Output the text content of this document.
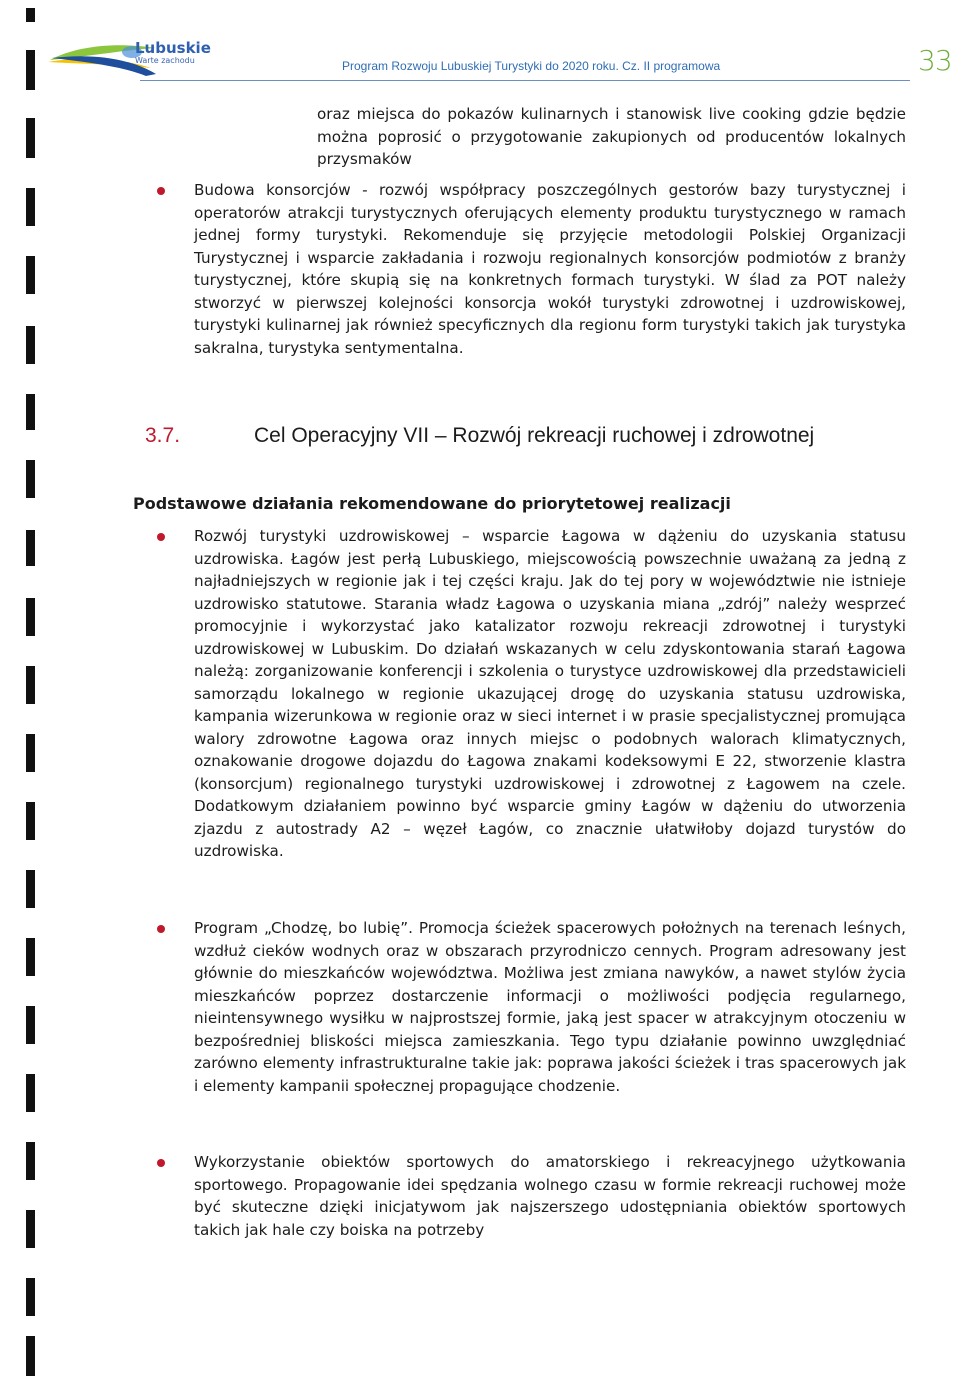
Lubuskie
Warte zachodu	Program Rozwoju Lubuskiej Turystyki do 2020 roku. Cz. II programowa	33

oraz miejsca do pokazów kulinarnych i stanowisk live cooking gdzie będzie można poprosić o przygotowanie zakupionych od producentów lokalnych przysmaków

Budowa konsorcjów - rozwój współpracy poszczególnych gestorów bazy turystycznej i operatorów atrakcji turystycznych oferujących elementy produktu turystycznego w ramach jednej formy turystyki. Rekomenduje się przyjęcie metodologii Polskiej Organizacji Turystycznej i wsparcie zakładania i rozwoju regionalnych konsorcjów podmiotów z branży turystycznej, które skupią się na konkretnych formach turystyki. W ślad za POT należy stworzyć w pierwszej kolejności konsorcja wokół turystyki zdrowotnej i uzdrowiskowej, turystyki kulinarnej jak również specyficznych dla regionu form turystyki takich jak turystyka sakralna, turystyka sentymentalna.

3.7.	Cel Operacyjny VII – Rozwój rekreacji ruchowej i zdrowotnej
Podstawowe działania rekomendowane do priorytetowej realizacji

Rozwój turystyki uzdrowiskowej – wsparcie Łagowa w dążeniu do uzyskania statusu uzdrowiska. Łagów jest perłą Lubuskiego, miejscowością powszechnie uważaną za jedną z najładniejszych w regionie jak i tej części kraju. Jak do tej pory w województwie nie istnieje uzdrowisko statutowe. Starania władz Łagowa o uzyskania miana „zdrój” należy wesprzeć promocyjnie i wykorzystać jako katalizator rozwoju rekreacji zdrowotnej i turystyki uzdrowiskowej w Lubuskim. Do działań wskazanych w celu zdyskontowania starań Łagowa należą: zorganizowanie konferencji i szkolenia o turystyce uzdrowiskowej dla przedstawicieli samorządu lokalnego w regionie ukazującej drogę do uzyskania statusu uzdrowiska, kampania wizerunkowa w regionie oraz w sieci internet i w prasie specjalistycznej promująca walory zdrowotne Łagowa oraz innych miejsc o podobnych walorach klimatycznych, oznakowanie drogowe dojazdu do Łagowa znakami kodeksowymi E 22, stworzenie klastra (konsorcjum) regionalnego turystyki uzdrowiskowej i zdrowotnej z Łagowem na czele. Dodatkowym działaniem powinno być wsparcie gminy Łagów w dążeniu do utworzenia zjazdu z autostrady A2 – węzeł Łagów, co znacznie ułatwiłoby dojazd turystów do uzdrowiska.

Program „Chodzę, bo lubię”. Promocja ścieżek spacerowych położnych na terenach leśnych, wzdłuż cieków wodnych oraz w obszarach przyrodniczo cennych. Program adresowany jest głównie do mieszkańców województwa. Możliwa jest zmiana nawyków, a nawet stylów życia mieszkańców poprzez dostarczenie informacji o możliwości podjęcia regularnego, nieintensywnego wysiłku w najprostszej formie, jaką jest spacer w atrakcyjnym otoczeniu w bezpośredniej bliskości miejsca zamieszkania. Tego typu działanie powinno uwzględniać zarówno elementy infrastrukturalne takie jak: poprawa jakości ścieżek i tras spacerowych jak i elementy kampanii społecznej propagujące chodzenie.

Wykorzystanie obiektów sportowych do amatorskiego i rekreacyjnego użytkowania sportowego. Propagowanie idei spędzania wolnego czasu w formie rekreacji ruchowej może być skuteczne dzięki inicjatywom jak najszerszego udostępniania obiektów sportowych takich jak hale czy boiska na potrzeby
